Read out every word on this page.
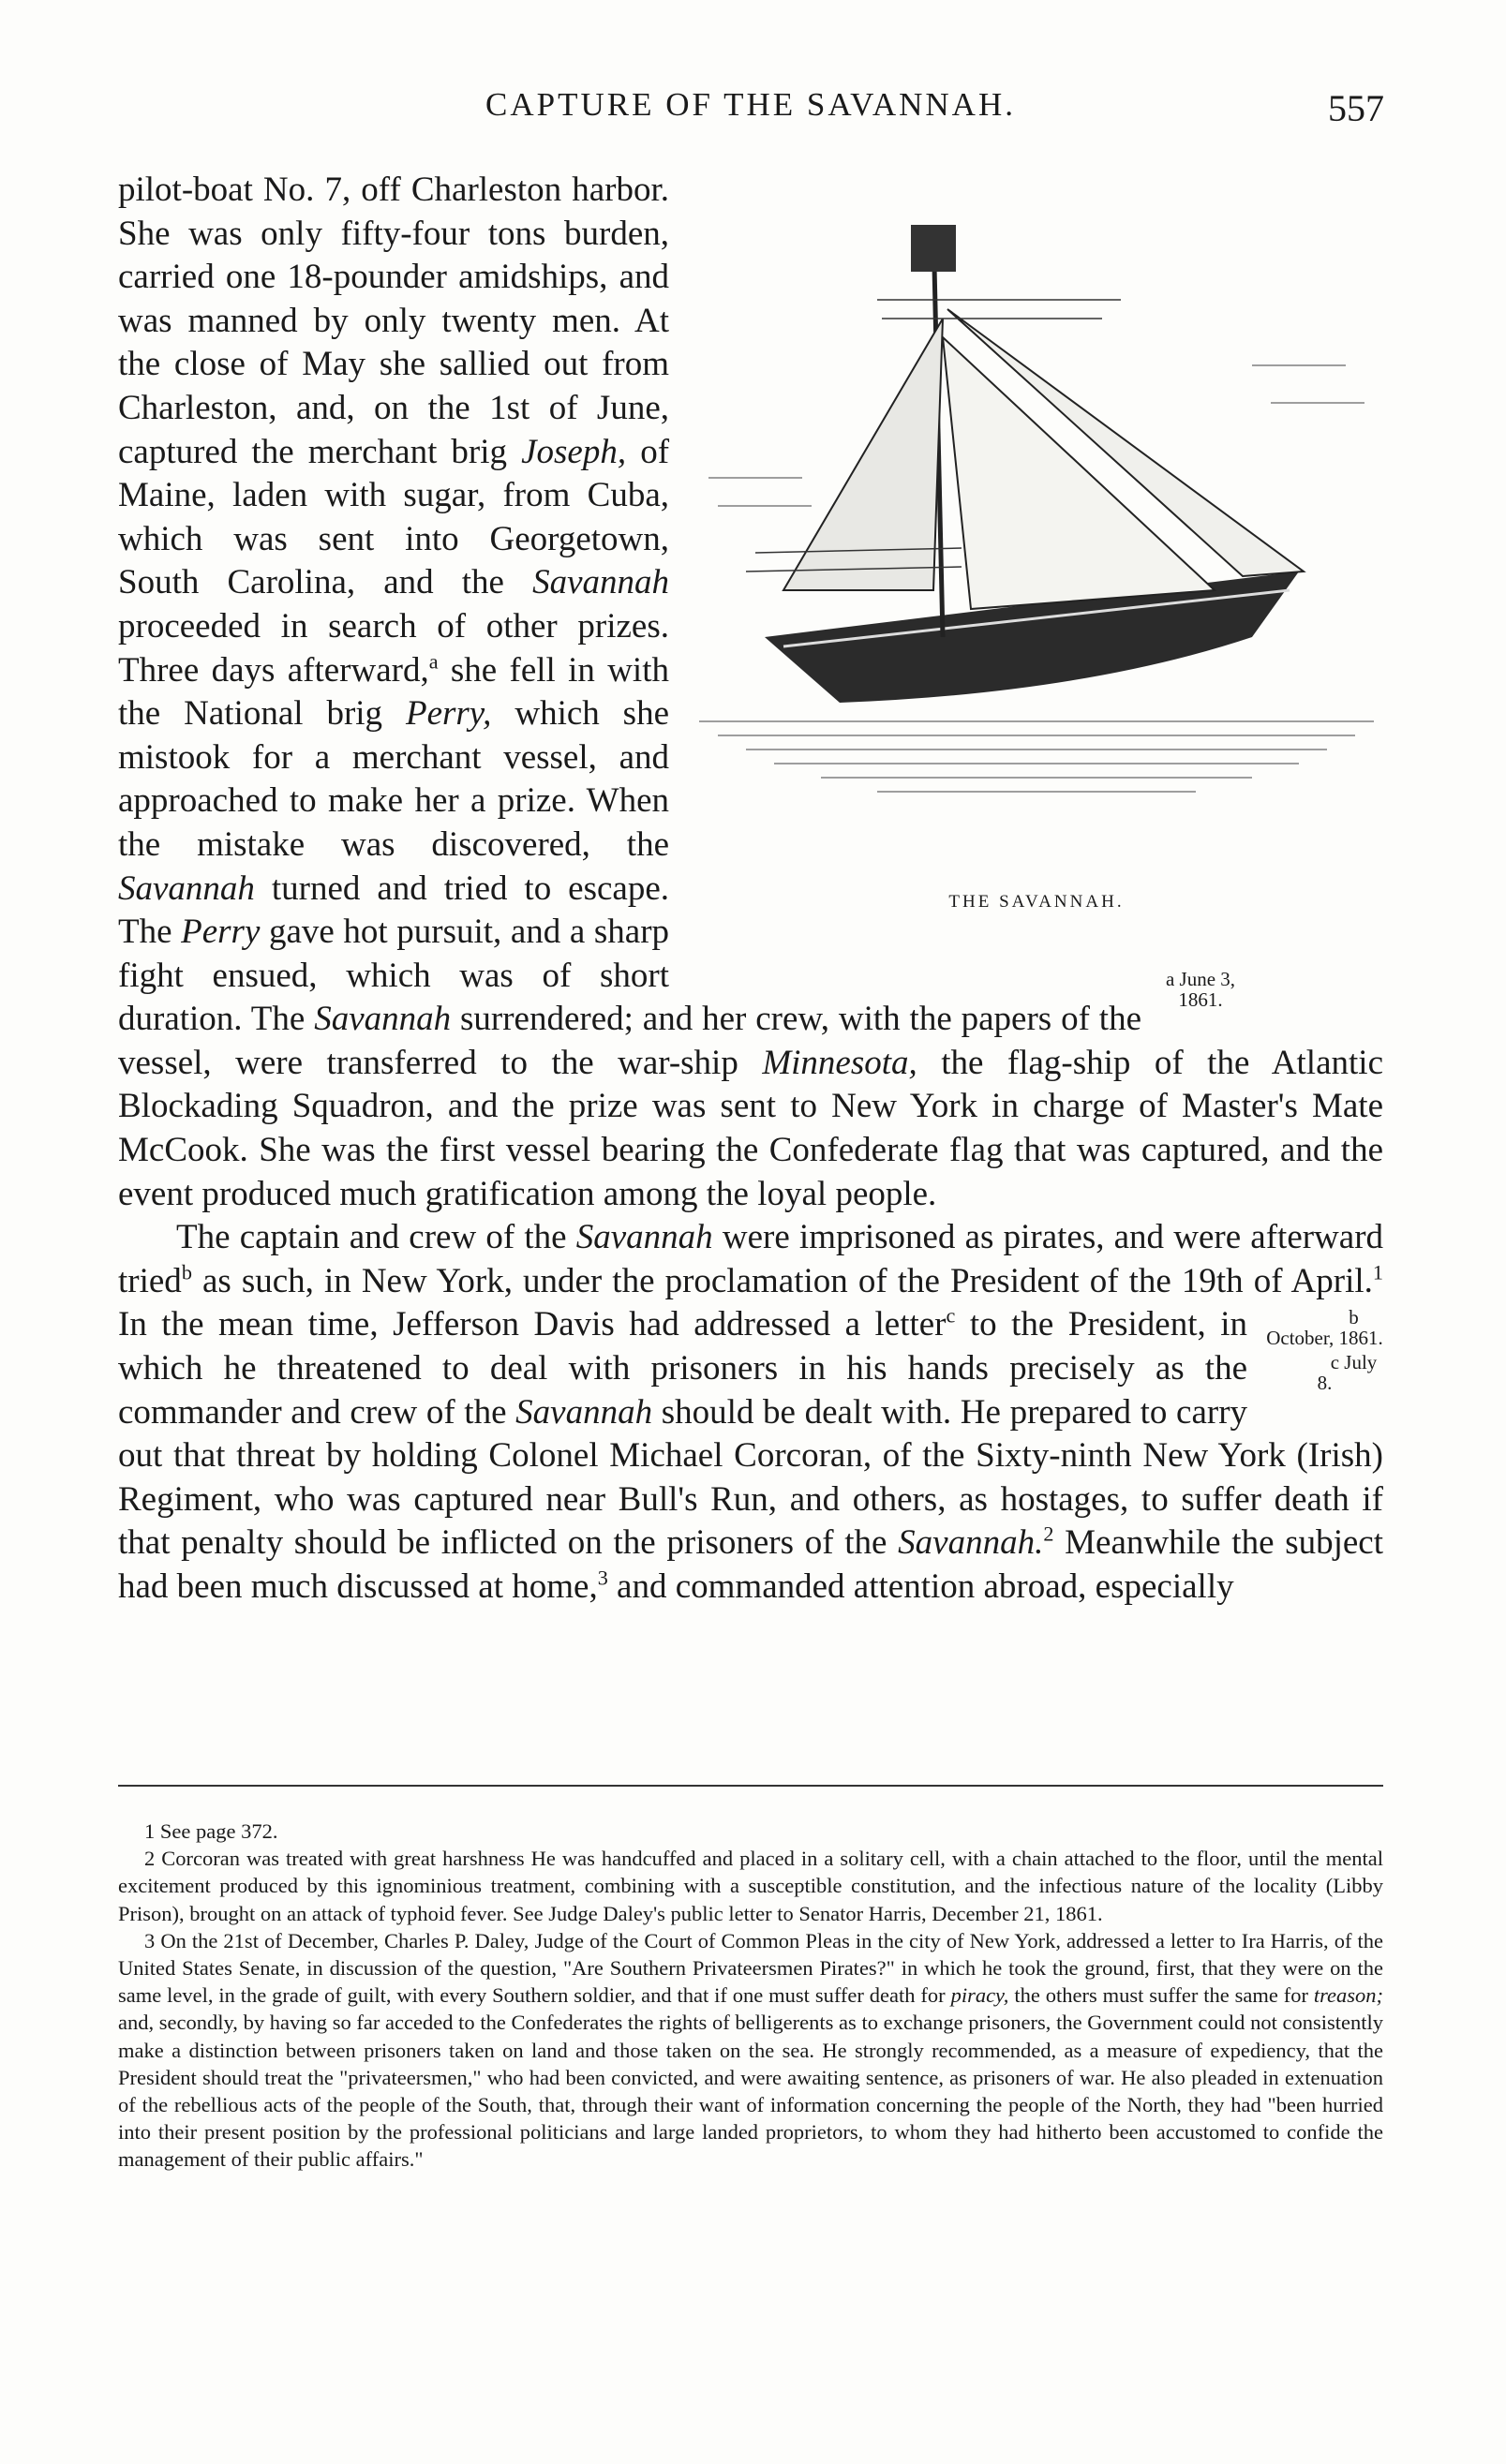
CAPTURE OF THE SAVANNAH.	557
THE SAVANNAH.

pilot-boat No. 7, off Charleston harbor. She was only fifty-four tons burden, carried one 18-pounder amidships, and was manned by only twenty men. At the close of May she sallied out from Charleston, and, on the 1st of June, captured the merchant brig Joseph, of Maine, laden with sugar, from Cuba, which was sent into Georgetown, South Carolina, and the Savannah proceeded in search of other prizes. Three days afterward,$^a$
a June 3, 1861.
she fell in with the National brig Perry, which she mistook for a merchant vessel, and approached to make her a prize. When the mistake was discovered, the Savannah turned and tried to escape. The Perry gave hot pursuit, and a sharp fight ensued, which was of short duration. The Savannah surrendered; and her crew, with the papers of the vessel, were transferred to the war-ship Minnesota, the flag-ship of the Atlantic Blockading Squadron, and the prize was sent to New York in charge of Master's Mate McCook. She was the first vessel bearing the Confederate flag that was captured, and the event produced much gratification among the loyal people.

The captain and crew of the Savannah were imprisoned as pirates, and were afterward tried$^b$ as such, in New York, under the proclamation of the President of the 19th of April.$^1$
b October, 1861.
c July 8.
In the mean time, Jefferson Davis had addressed a letter$^c$ to the President, in which he threatened to deal with prisoners in his hands precisely as the commander and crew of the Savannah should be dealt with. He prepared to carry out that threat by holding Colonel Michael Corcoran, of the Sixty-ninth New York (Irish) Regiment, who was captured near Bull's Run, and others, as hostages, to suffer death if that penalty should be inflicted on the prisoners of the Savannah.$^2$ Meanwhile the subject had been much discussed at home,$^3$ and commanded attention abroad, especially

1 See page 372.

2 Corcoran was treated with great harshness He was handcuffed and placed in a solitary cell, with a chain attached to the floor, until the mental excitement produced by this ignominious treatment, combining with a susceptible constitution, and the infectious nature of the locality (Libby Prison), brought on an attack of typhoid fever. See Judge Daley's public letter to Senator Harris, December 21, 1861.

3 On the 21st of December, Charles P. Daley, Judge of the Court of Common Pleas in the city of New York, addressed a letter to Ira Harris, of the United States Senate, in discussion of the question, "Are Southern Privateersmen Pirates?" in which he took the ground, first, that they were on the same level, in the grade of guilt, with every Southern soldier, and that if one must suffer death for piracy, the others must suffer the same for treason; and, secondly, by having so far acceded to the Confederates the rights of belligerents as to exchange prisoners, the Government could not consistently make a distinction between prisoners taken on land and those taken on the sea. He strongly recommended, as a measure of expediency, that the President should treat the "privateersmen," who had been convicted, and were awaiting sentence, as prisoners of war. He also pleaded in extenuation of the rebellious acts of the people of the South, that, through their want of information concerning the people of the North, they had "been hurried into their present position by the professional politicians and large landed proprietors, to whom they had hitherto been accustomed to confide the management of their public affairs."
